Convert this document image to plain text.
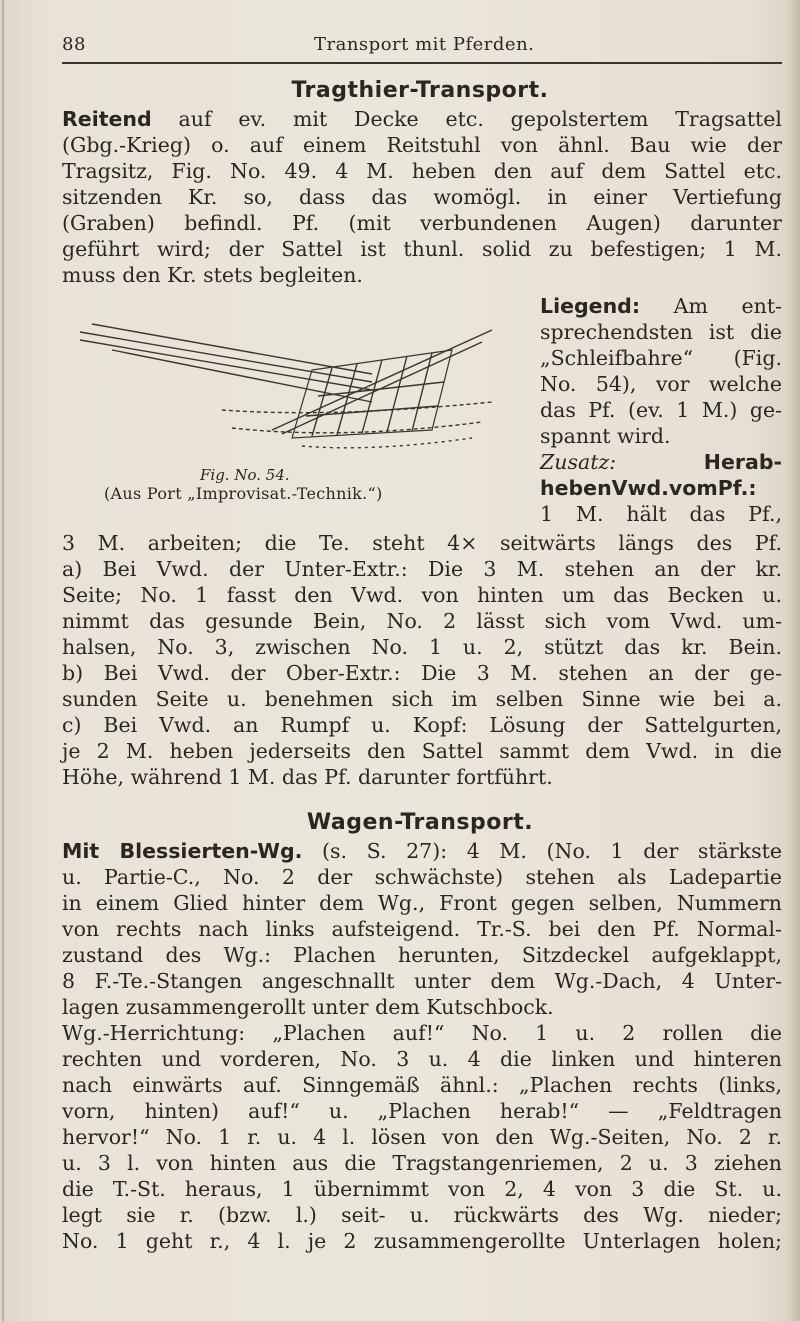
88	Transport mit Pferden.
Tragthier-Transport.
Reitend auf ev. mit Decke etc. gepolstertem Tragsattel
(Gbg.-Krieg) o. auf einem Reitstuhl von ähnl. Bau wie der
Tragsitz, Fig. No. 49. 4 M. heben den auf dem Sattel etc.
sitzenden Kr. so, dass das womögl. in einer Vertiefung
(Graben) befindl. Pf. (mit verbundenen Augen) darunter
geführt wird; der Sattel ist thunl. solid zu befestigen; 1 M.
muss den Kr. stets begleiten.
Fig. No. 54.
(Aus Port „Improvisat.-Technik.“)
Liegend: Am ent-
sprechendsten ist die
„Schleifbahre“ (Fig.
No. 54), vor welche
das Pf. (ev. 1 M.) ge-
spannt wird.
Zusatz: Herab-
hebenVwd.vomPf.:
1 M. hält das Pf.,
3 M. arbeiten; die Te. steht 4× seitwärts längs des Pf.
a) Bei Vwd. der Unter-Extr.: Die 3 M. stehen an der kr.
Seite; No. 1 fasst den Vwd. von hinten um das Becken u.
nimmt das gesunde Bein, No. 2 lässt sich vom Vwd. um-
halsen, No. 3, zwischen No. 1 u. 2, stützt das kr. Bein.
b) Bei Vwd. der Ober-Extr.: Die 3 M. stehen an der ge-
sunden Seite u. benehmen sich im selben Sinne wie bei a.
c) Bei Vwd. an Rumpf u. Kopf: Lösung der Sattelgurten,
je 2 M. heben jederseits den Sattel sammt dem Vwd. in die
Höhe, während 1 M. das Pf. darunter fortführt.
Wagen-Transport.
Mit Blessierten-Wg. (s. S. 27): 4 M. (No. 1 der stärkste
u. Partie-C., No. 2 der schwächste) stehen als Ladepartie
in einem Glied hinter dem Wg., Front gegen selben, Nummern
von rechts nach links aufsteigend. Tr.-S. bei den Pf. Normal-
zustand des Wg.: Plachen herunten, Sitzdeckel aufgeklappt,
8 F.-Te.-Stangen angeschnallt unter dem Wg.-Dach, 4 Unter-
lagen zusammengerollt unter dem Kutschbock.
Wg.-Herrichtung: „Plachen auf!“ No. 1 u. 2 rollen die
rechten und vorderen, No. 3 u. 4 die linken und hinteren
nach einwärts auf. Sinngemäß ähnl.: „Plachen rechts (links,
vorn, hinten) auf!“ u. „Plachen herab!“ — „Feldtragen
hervor!“ No. 1 r. u. 4 l. lösen von den Wg.-Seiten, No. 2 r.
u. 3 l. von hinten aus die Tragstangenriemen, 2 u. 3 ziehen
die T.-St. heraus, 1 übernimmt von 2, 4 von 3 die St. u.
legt sie r. (bzw. l.) seit- u. rückwärts des Wg. nieder;
No. 1 geht r., 4 l. je 2 zusammengerollte Unterlagen holen;
